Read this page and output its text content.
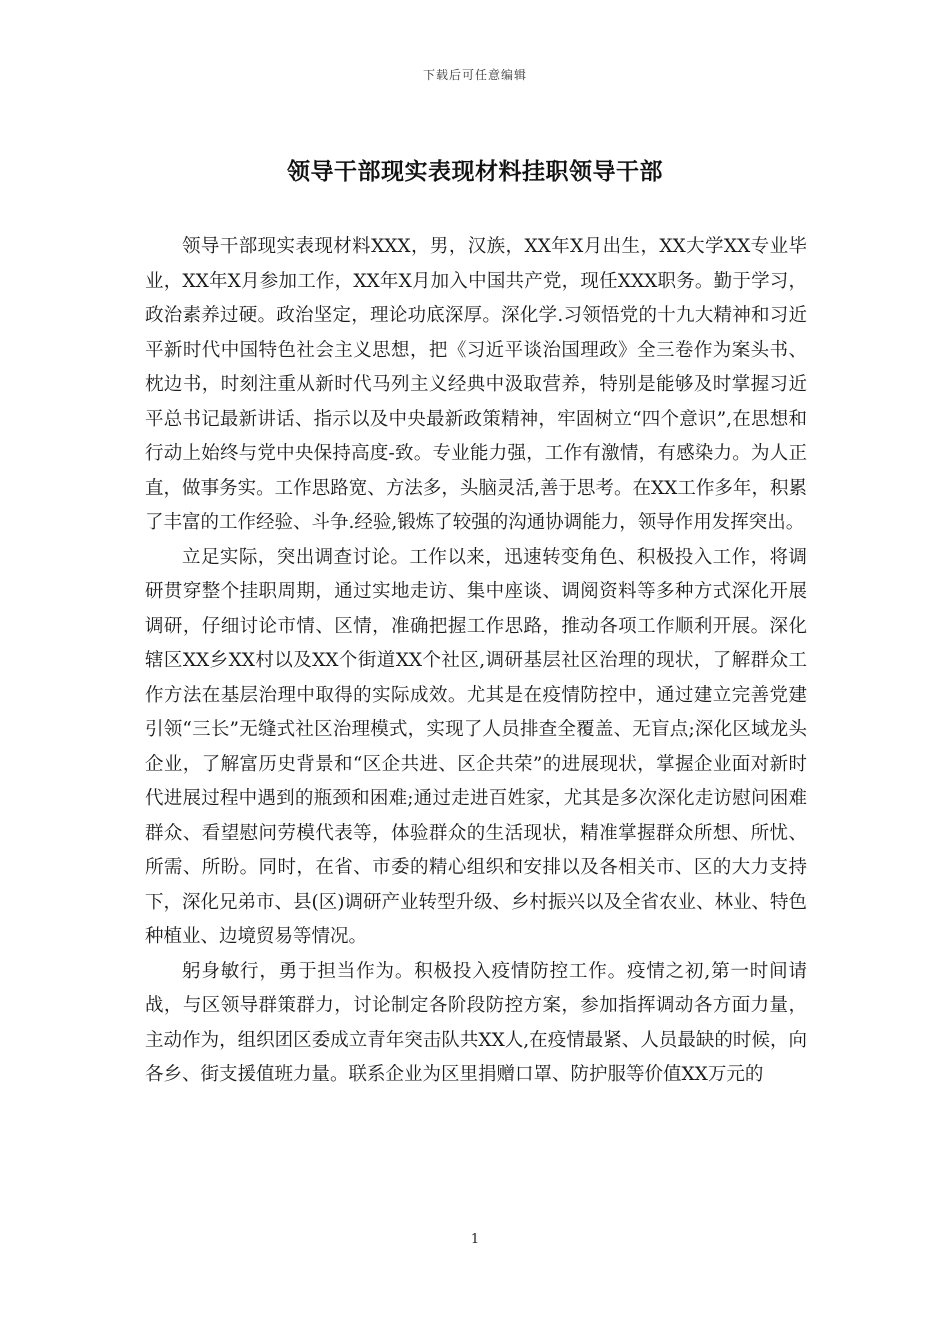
下载后可任意编辑
领导干部现实表现材料挂职领导干部

领导干部现实表现材料XXX，男，汉族，XX年X月出生，XX大学XX专业毕业，XX年X月参加工作，XX年X月加入中国共产党，现任XXX职务。勤于学习，政治素养过硬。政治坚定，理论功底深厚。深化学.习领悟党的十九大精神和习近平新时代中国特色社会主义思想，把《习近平谈治国理政》全三卷作为案头书、枕边书，时刻注重从新时代马列主义经典中汲取营养，特别是能够及时掌握习近平总书记最新讲话、指示以及中央最新政策精神，牢固树立“四个意识”,在思想和行动上始终与党中央保持高度-致。专业能力强，工作有激情，有感染力。为人正直，做事务实。工作思路宽、方法多，头脑灵活,善于思考。在XX工作多年，积累了丰富的工作经验、斗争.经验,锻炼了较强的沟通协调能力，领导作用发挥突出。

立足实际，突出调查讨论。工作以来，迅速转变角色、积极投入工作，将调研贯穿整个挂职周期，通过实地走访、集中座谈、调阅资料等多种方式深化开展调研，仔细讨论市情、区情，准确把握工作思路，推动各项工作顺利开展。深化辖区XX乡XX村以及XX个街道XX个社区,调研基层社区治理的现状，了解群众工作方法在基层治理中取得的实际成效。尤其是在疫情防控中，通过建立完善党建引领“三长”无缝式社区治理模式，实现了人员排查全覆盖、无盲点;深化区域龙头企业，了解富历史背景和“区企共进、区企共荣”的进展现状，掌握企业面对新时代进展过程中遇到的瓶颈和困难;通过走进百姓家，尤其是多次深化走访慰问困难群众、看望慰问劳模代表等，体验群众的生活现状，精准掌握群众所想、所忧、所需、所盼。同时，在省、市委的精心组织和安排以及各相关市、区的大力支持下，深化兄弟市、县(区)调研产业转型升级、乡村振兴以及全省农业、林业、特色种植业、边境贸易等情况。

躬身敏行，勇于担当作为。积极投入疫情防控工作。疫情之初,第一时间请战，与区领导群策群力，讨论制定各阶段防控方案，参加指挥调动各方面力量，主动作为，组织团区委成立青年突击队共XX人,在疫情最紧、人员最缺的时候，向各乡、街支援值班力量。联系企业为区里捐赠口罩、防护服等价值XX万元的

1
